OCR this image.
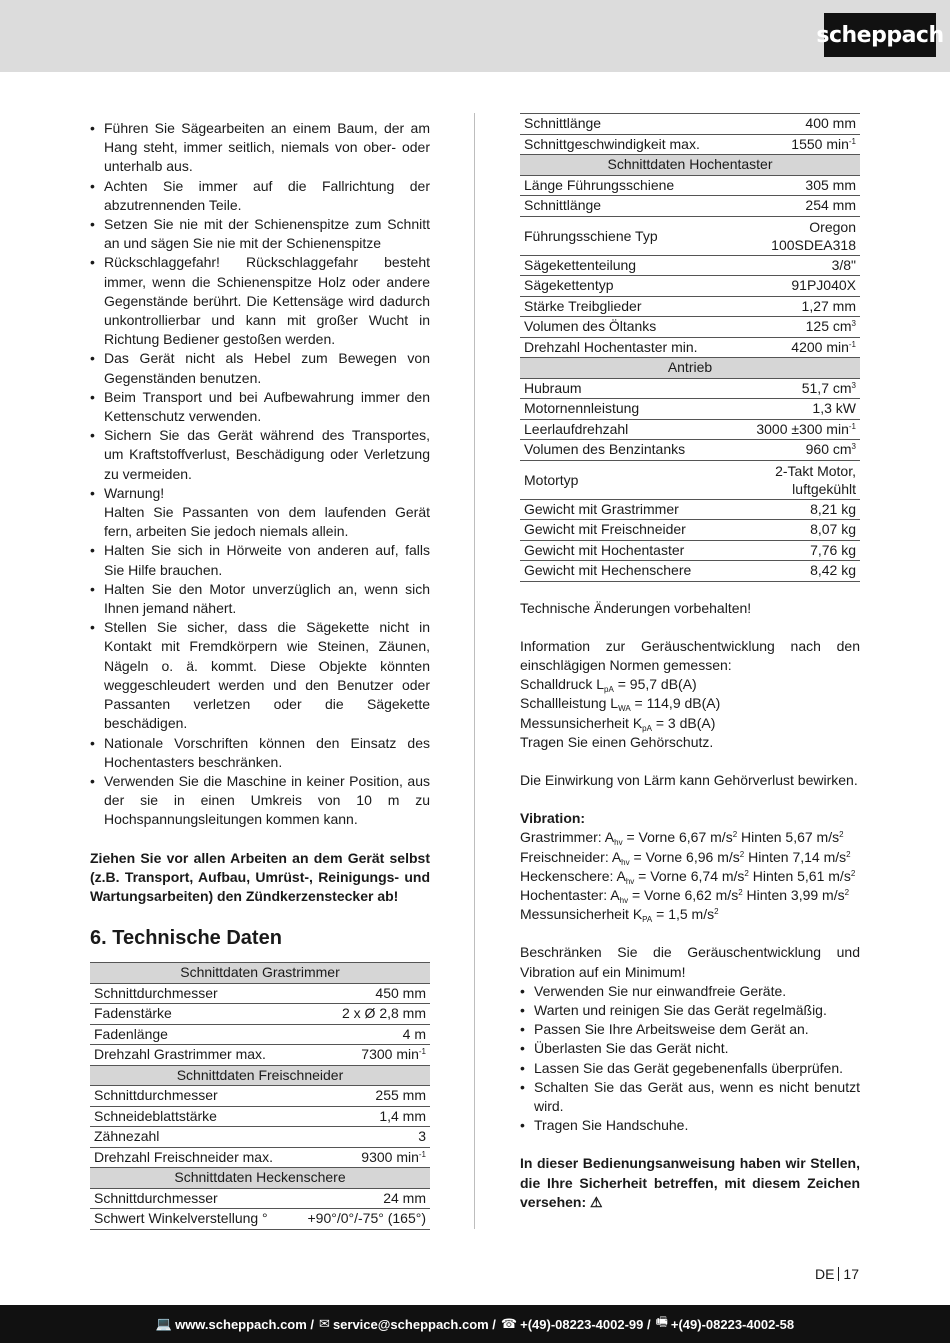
scheppach
• Führen Sie Sägearbeiten an einem Baum, der am Hang steht, immer seitlich, niemals von ober- oder unterhalb aus.
• Achten Sie immer auf die Fallrichtung der abzutrennenden Teile.
• Setzen Sie nie mit der Schienenspitze zum Schnitt an und sägen Sie nie mit der Schienenspitze
• Rückschlaggefahr! Rückschlaggefahr besteht immer, wenn die Schienenspitze Holz oder andere Gegenstände berührt. Die Kettensäge wird dadurch unkontrollierbar und kann mit großer Wucht in Richtung Bediener gestoßen werden.
• Das Gerät nicht als Hebel zum Bewegen von Gegenständen benutzen.
• Beim Transport und bei Aufbewahrung immer den Kettenschutz verwenden.
• Sichern Sie das Gerät während des Transportes, um Kraftstoffverlust, Beschädigung oder Verletzung zu vermeiden.
• Warnung!
Halten Sie Passanten von dem laufenden Gerät fern, arbeiten Sie jedoch niemals allein.
• Halten Sie sich in Hörweite von anderen auf, falls Sie Hilfe brauchen.
• Halten Sie den Motor unverzüglich an, wenn sich Ihnen jemand nähert.
• Stellen Sie sicher, dass die Sägekette nicht in Kontakt mit Fremdkörpern wie Steinen, Zäunen, Nägeln o. ä. kommt. Diese Objekte könnten weggeschleudert werden und den Benutzer oder Passanten verletzen oder die Sägekette beschädigen.
• Nationale Vorschriften können den Einsatz des Hochentasters beschränken.
• Verwenden Sie die Maschine in keiner Position, aus der sie in einen Umkreis von 10 m zu Hochspannungsleitungen kommen kann.

Ziehen Sie vor allen Arbeiten an dem Gerät selbst (z.B. Transport, Aufbau, Umrüst-, Reinigungs- und Wartungsarbeiten) den Zündkerzenstecker ab!

6. Technische Daten
Schnittdaten Grastrimmer	
Schnittdurchmesser	450 mm
Fadenstärke	2 x Ø 2,8 mm
Fadenlänge	4 m
Drehzahl Grastrimmer max.	7300 $\min^{-1}$
Schnittdaten Freischneider	
Schnittdurchmesser	255 mm
Schneideblattstärke	1,4 mm
Zähnezahl	3
Drehzahl Freischneider max.	9300 $\min^{-1}$
Schnittdaten Heckenschere	
Schnittdurchmesser	24 mm
Schwert Winkelverstellung °	+90°/0°/-75° (165°)
Schnittlänge	400 mm
Schnittgeschwindigkeit max.	1550 $\min^{-1}$
Schnittdaten Hochentaster	
Länge Führungsschiene	305 mm
Schnittlänge	254 mm
Führungsschiene Typ	Oregon
100SDEA318
Sägekettenteilung	3/8"
Sägekettentyp	91PJ040X
Stärke Treibglieder	1,27 mm
Volumen des Öltanks	125 $cm^3$
Drehzahl Hochentaster min.	4200 $\min^{-1}$
Antrieb	
Hubraum	51,7 $cm^3$
Motornennleistung	1,3 kW
Leerlaufdrehzahl	3000 ±300 $\min^{-1}$
Volumen des Benzintanks	960 $cm^3$
Motortyp	2-Takt Motor,
luftgekühlt
Gewicht mit Grastrimmer	8,21 kg
Gewicht mit Freischneider	8,07 kg
Gewicht mit Hochentaster	7,76 kg
Gewicht mit Hechenschere	8,42 kg

Technische Änderungen vorbehalten!

Information zur Geräuschentwicklung nach den einschlägigen Normen gemessen:
Schalldruck $L_{pA} = 95,7$ dB(A)
Schallleistung $L_{WA} = 114,9$ dB(A)
Messunsicherheit $K_{pA} = 3$ dB(A)
Tragen Sie einen Gehörschutz.

Die Einwirkung von Lärm kann Gehörverlust bewirken.

Vibration:
Grastrimmer: $A_{hv}$ = Vorne 6,67 $m/s^2$ Hinten 5,67 $m/s^2$
Freischneider: $A_{hv}$ = Vorne 6,96 $m/s^2$ Hinten 7,14 $m/s^2$
Heckenschere: $A_{hv}$ = Vorne 6,74 $m/s^2$ Hinten 5,61 $m/s^2$
Hochentaster: $A_{hv}$ = Vorne 6,62 $m/s^2$ Hinten 3,99 $m/s^2$
Messunsicherheit $K_{PA} = 1,5$ $m/s^2$
Beschränken Sie die Geräuschentwicklung und Vibration auf ein Minimum!
• Verwenden Sie nur einwandfreie Geräte.
• Warten und reinigen Sie das Gerät regelmäßig.
• Passen Sie Ihre Arbeitsweise dem Gerät an.
• Überlasten Sie das Gerät nicht.
• Lassen Sie das Gerät gegebenenfalls überprüfen.
• Schalten Sie das Gerät aus, wenn es nicht benutzt wird.
• Tragen Sie Handschuhe.

In dieser Bedienungsanweisung haben wir Stellen, die Ihre Sicherheit betreffen, mit diesem Zeichen versehen: ⚠

DE 17
💻 www.scheppach.com / ✉ service@scheppach.com / ☎ +(49)-08223-4002-99 / 🖷 +(49)-08223-4002-58
